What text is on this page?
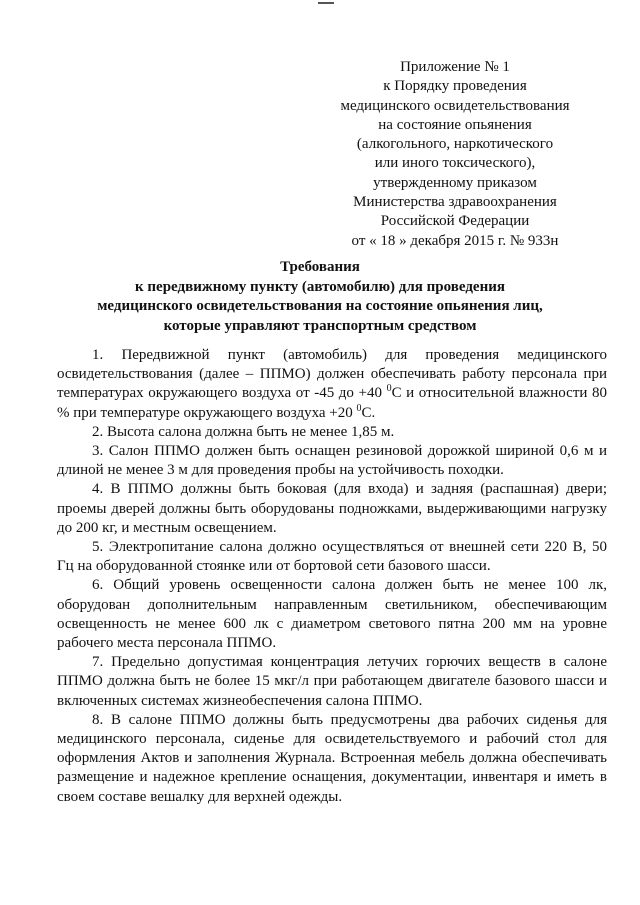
Приложение № 1
к Порядку проведения
медицинского освидетельствования
на состояние опьянения
(алкогольного, наркотического
или иного токсического),
утвержденному приказом
Министерства здравоохранения
Российской Федерации
от « 18 » декабря 2015 г. № 933н
Требования
к передвижному пункту (автомобилю) для проведения
медицинского освидетельствования на состояние опьянения лиц,
которые управляют транспортным средством

1. Передвижной пункт (автомобиль) для проведения медицинского освидетельствования (далее – ППМО) должен обеспечивать работу персонала при температурах окружающего воздуха от -45 до +40 $^0$С и относительной влажности 80 % при температуре окружающего воздуха +20 $^0$С.

2. Высота салона должна быть не менее 1,85 м.

3. Салон ППМО должен быть оснащен резиновой дорожкой шириной 0,6 м и длиной не менее 3 м для проведения пробы на устойчивость походки.

4. В ППМО должны быть боковая (для входа) и задняя (распашная) двери; проемы дверей должны быть оборудованы подножками, выдерживающими нагрузку до 200 кг, и местным освещением.

5. Электропитание салона должно осуществляться от внешней сети 220 В, 50 Гц на оборудованной стоянке или от бортовой сети базового шасси.

6. Общий уровень освещенности салона должен быть не менее 100 лк, оборудован дополнительным направленным светильником, обеспечивающим освещенность не менее 600 лк с диаметром светового пятна 200 мм на уровне рабочего места персонала ППМО.

7. Предельно допустимая концентрация летучих горючих веществ в салоне ППМО должна быть не более 15 мкг/л при работающем двигателе базового шасси и включенных системах жизнеобеспечения салона ППМО.

8. В салоне ППМО должны быть предусмотрены два рабочих сиденья для медицинского персонала, сиденье для освидетельствуемого и рабочий стол для оформления Актов и заполнения Журнала. Встроенная мебель должна обеспечивать размещение и надежное крепление оснащения, документации, инвентаря и иметь в своем составе вешалку для верхней одежды.
